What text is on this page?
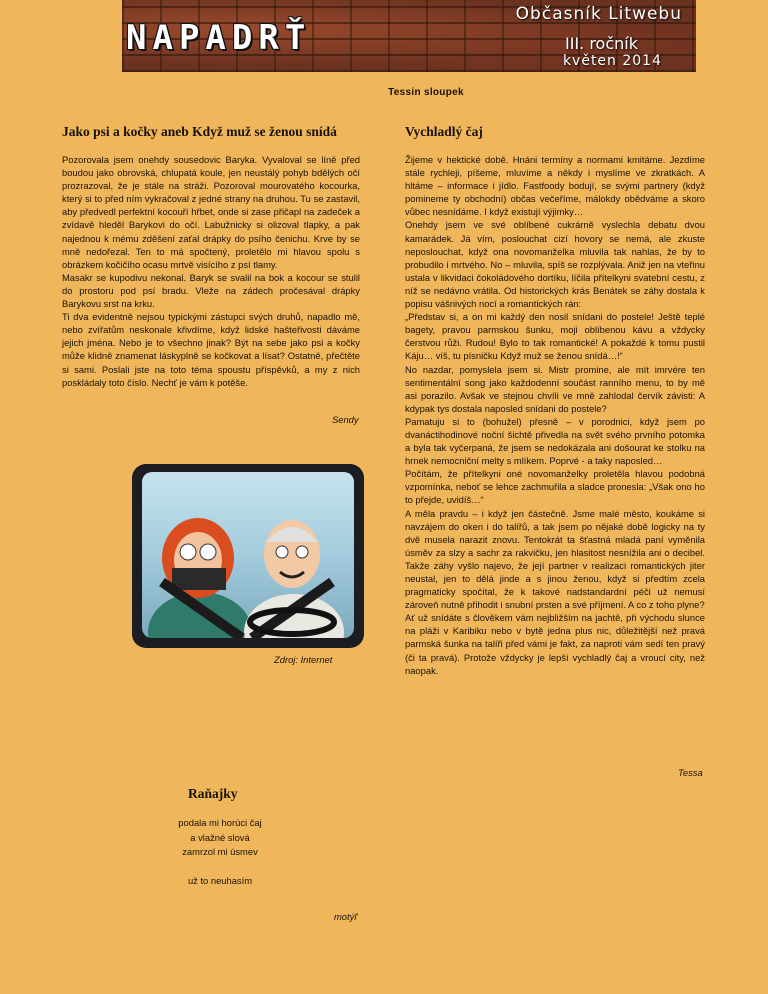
NAPADRŤ
Občasník Litwebu
III. ročník
květen 2014
Tessin sloupek
Jako psi a kočky aneb Když muž se ženou snídá

Pozorovala jsem onehdy sousedovic Baryka. Vyvaloval se líně před boudou jako obrovská, chlupatá koule, jen neustálý pohyb bdělých očí prozrazoval, že je stále na stráži. Pozoroval mourovatého kocourka, který si to před ním vykračoval z jedné strany na druhou. Tu se zastavil, aby předvedl perfektní kocouří hřbet, onde si zase přičapl na zadeček a zvídavě hleděl Barykovi do očí. Labužnicky si olizoval tlapky, a pak najednou k mému zděšení zaťal drápky do psího čenichu. Krve by se mně nedořezal. Ten to má spočtený, proletělo mi hlavou spolu s obrázkem kočičího ocasu mrtvě visícího z psí tlamy.

Masakr se kupodivu nekonal. Baryk se svalil na bok a kocour se stulil do prostoru pod psí bradu. Vleže na zádech pročesával drápky Barykovu srst na krku.

Ti dva evidentně nejsou typickými zástupci svých druhů, napadlo mě, nebo zvířatům neskonale křivdíme, když lidské hašteřivosti dáváme jejich jména. Nebo je to všechno jinak? Být na sebe jako psi a kočky může klidně znamenat láskyplně se kočkovat a lísat? Ostatně, přečtěte si sami. Poslali jste na toto téma spoustu příspěvků, a my z nich poskládaly toto číslo. Nechť je vám k potěše.

Sendy
Zdroj: Internet
Raňajky
podala mi horúci čaj
a vlažné slová
zamrzol mi úsmev
už to neuhasím
motýľ
Vychladlý čaj

Žijeme v hektické době. Hnáni termíny a normami kmitáme. Jezdíme stále rychleji, píšeme, mluvíme a někdy i myslíme ve zkratkách. A hltáme – informace i jídlo. Fastfoody bodují, se svými partnery (když pomineme ty obchodní) občas večeříme, málokdy obědváme a skoro vůbec nesnídáme. I když existují výjimky…

Onehdy jsem ve své oblíbené cukrárně vyslechla debatu dvou kamarádek. Já vím, poslouchat cizí hovory se nemá, ale zkuste neposlouchat, když ona novomanželka mluvila tak nahlas, že by to probudilo i mrtvého. No – mluvila, spíš se rozplývala. Aniž jen na vteřinu ustala v likvidaci čokoládového dortíku, líčila přítelkyni svatební cestu, z níž se nedávno vrátila. Od historických krás Benátek se záhy dostala k popisu vášnivých nocí a romantických rán:

„Představ si, a on mi každý den nosil snídani do postele! Ještě teplé bagety, pravou parmskou šunku, moji oblíbenou kávu a vždycky čerstvou růži. Rudou! Bylo to tak romantické! A pokaždé k tomu pustil Káju… víš, tu písničku Když muž se ženou snídá…!“

No nazdar, pomyslela jsem si. Mistr promine, ale mít imrvére ten sentimentální song jako každodenní součást ranního menu, to by mě asi porazilo. Avšak ve stejnou chvíli ve mně zahlodal červík závisti: A kdypak tys dostala naposled snídani do postele?

Pamatuju si to (bohužel) přesně – v porodnici, když jsem po dvanáctihodinové noční šichtě přivedla na svět svého prvního potomka a byla tak vyčerpaná, že jsem se nedokázala ani došourat ke stolku na hrnek nemocniční melty s mlíkem. Poprvé - a taky naposled…

Počítám, že přítelkyni oné novomanželky proletěla hlavou podobná vzpomínka, neboť se lehce zachmuřila a sladce pronesla: „Však ono ho to přejde, uvidíš…“

A měla pravdu – i když jen částečně. Jsme malé město, koukáme si navzájem do oken i do talířů, a tak jsem po nějaké době logicky na ty dvě musela narazit znovu. Tentokrát ta šťastná mladá paní vyměnila úsměv za slzy a sachr za rakvičku, jen hlasitost nesnížila ani o decibel. Takže záhy vyšlo najevo, že její partner v realizaci romantických jiter neustal, jen to dělá jinde a s jinou ženou, když si předtím zcela pragmaticky spočítal, že k takové nadstandardní péči už nemusí zároveň nutně přihodit i snubní prsten a své příjmení. A co z toho plyne?

Ať už snídáte s člověkem vám nejbližším na jachtě, při východu slunce na pláži v Karibiku nebo v bytě jedna plus nic, důležitější než pravá parmská šunka na talíři před vámi je fakt, za naproti vám sedí ten pravý (či ta pravá). Protože vždycky je lepší vychladlý čaj a vroucí city, než naopak.

Tessa
